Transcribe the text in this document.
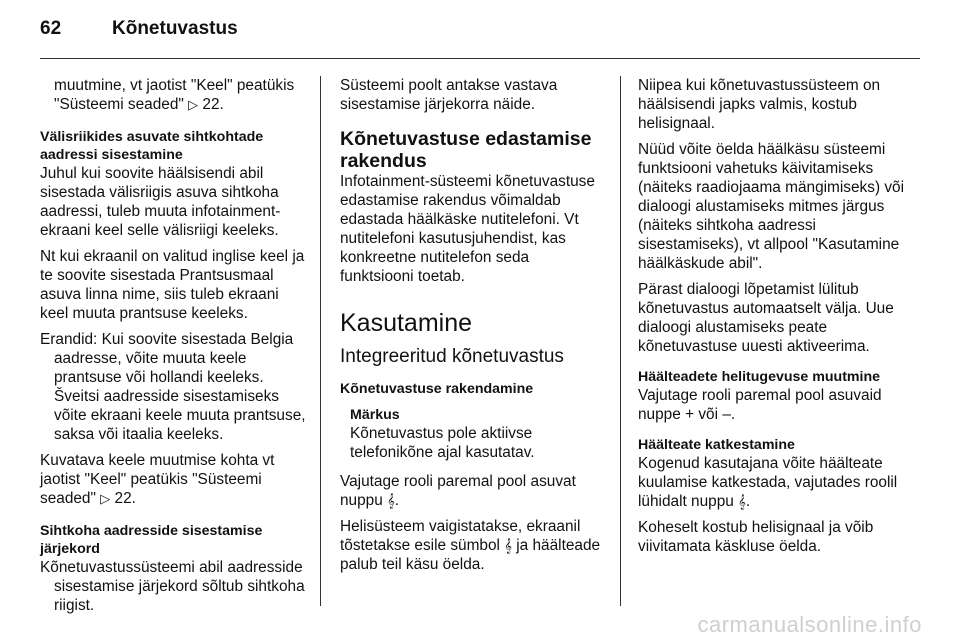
62	Kõnetuvastus

muutmine, vt jaotist "Keel" peatükis "Süsteemi seaded" ▷ 22.

Välisriikides asuvate sihtkohtade aadressi sisestamine

Juhul kui soovite häälsisendi abil sisestada välisriigis asuva sihtkoha aadressi, tuleb muuta infotainment-ekraani keel selle välisriigi keeleks.

Nt kui ekraanil on valitud inglise keel ja te soovite sisestada Prantsusmaal asuva linna nime, siis tuleb ekraani keel muuta prantsuse keeleks.

Erandid: Kui soovite sisestada Belgia aadresse, võite muuta keele prantsuse või hollandi keeleks. Šveitsi aadresside sisestamiseks võite ekraani keele muuta prantsuse, saksa või itaalia keeleks.

Kuvatava keele muutmise kohta vt jaotist "Keel" peatükis "Süsteemi seaded" ▷ 22.

Sihtkoha aadresside sisestamise järjekord

Kõnetuvastussüsteemi abil aadresside sisestamise järjekord sõltub sihtkoha riigist.

Süsteemi poolt antakse vastava sisestamise järjekorra näide.

Kõnetuvastuse edastamise rakendus

Infotainment-süsteemi kõnetuvastuse edastamise rakendus võimaldab edastada häälkäske nutitelefoni. Vt nutitelefoni kasutusjuhendist, kas konkreetne nutitelefon seda funktsiooni toetab.

Kasutamine
Integreeritud kõnetuvastus

Kõnetuvastuse rakendamine

Märkus

Kõnetuvastus pole aktiivse telefonikõne ajal kasutatav.

Vajutage rooli paremal pool asuvat nuppu 𝄞.

Helisüsteem vaigistatakse, ekraanil tõstetakse esile sümbol 𝄞 ja häälteade palub teil käsu öelda.

Niipea kui kõnetuvastussüsteem on häälsisendi japks valmis, kostub helisignaal.

Nüüd võite öelda häälkäsu süsteemi funktsiooni vahetuks käivitamiseks (näiteks raadiojaama mängimiseks) või dialoogi alustamiseks mitmes järgus (näiteks sihtkoha aadressi sisestamiseks), vt allpool "Kasutamine häälkäskude abil".

Pärast dialoogi lõpetamist lülitub kõnetuvastus automaatselt välja. Uue dialoogi alustamiseks peate kõnetuvastuse uuesti aktiveerima.

Häälteadete helitugevuse muutmine

Vajutage rooli paremal pool asuvaid nuppe + või –.

Häälteate katkestamine

Kogenud kasutajana võite häälteate kuulamise katkestada, vajutades roolil lühidalt nuppu 𝄞.

Koheselt kostub helisignaal ja võib viivitamata käskluse öelda.

carmanualsonline.info
